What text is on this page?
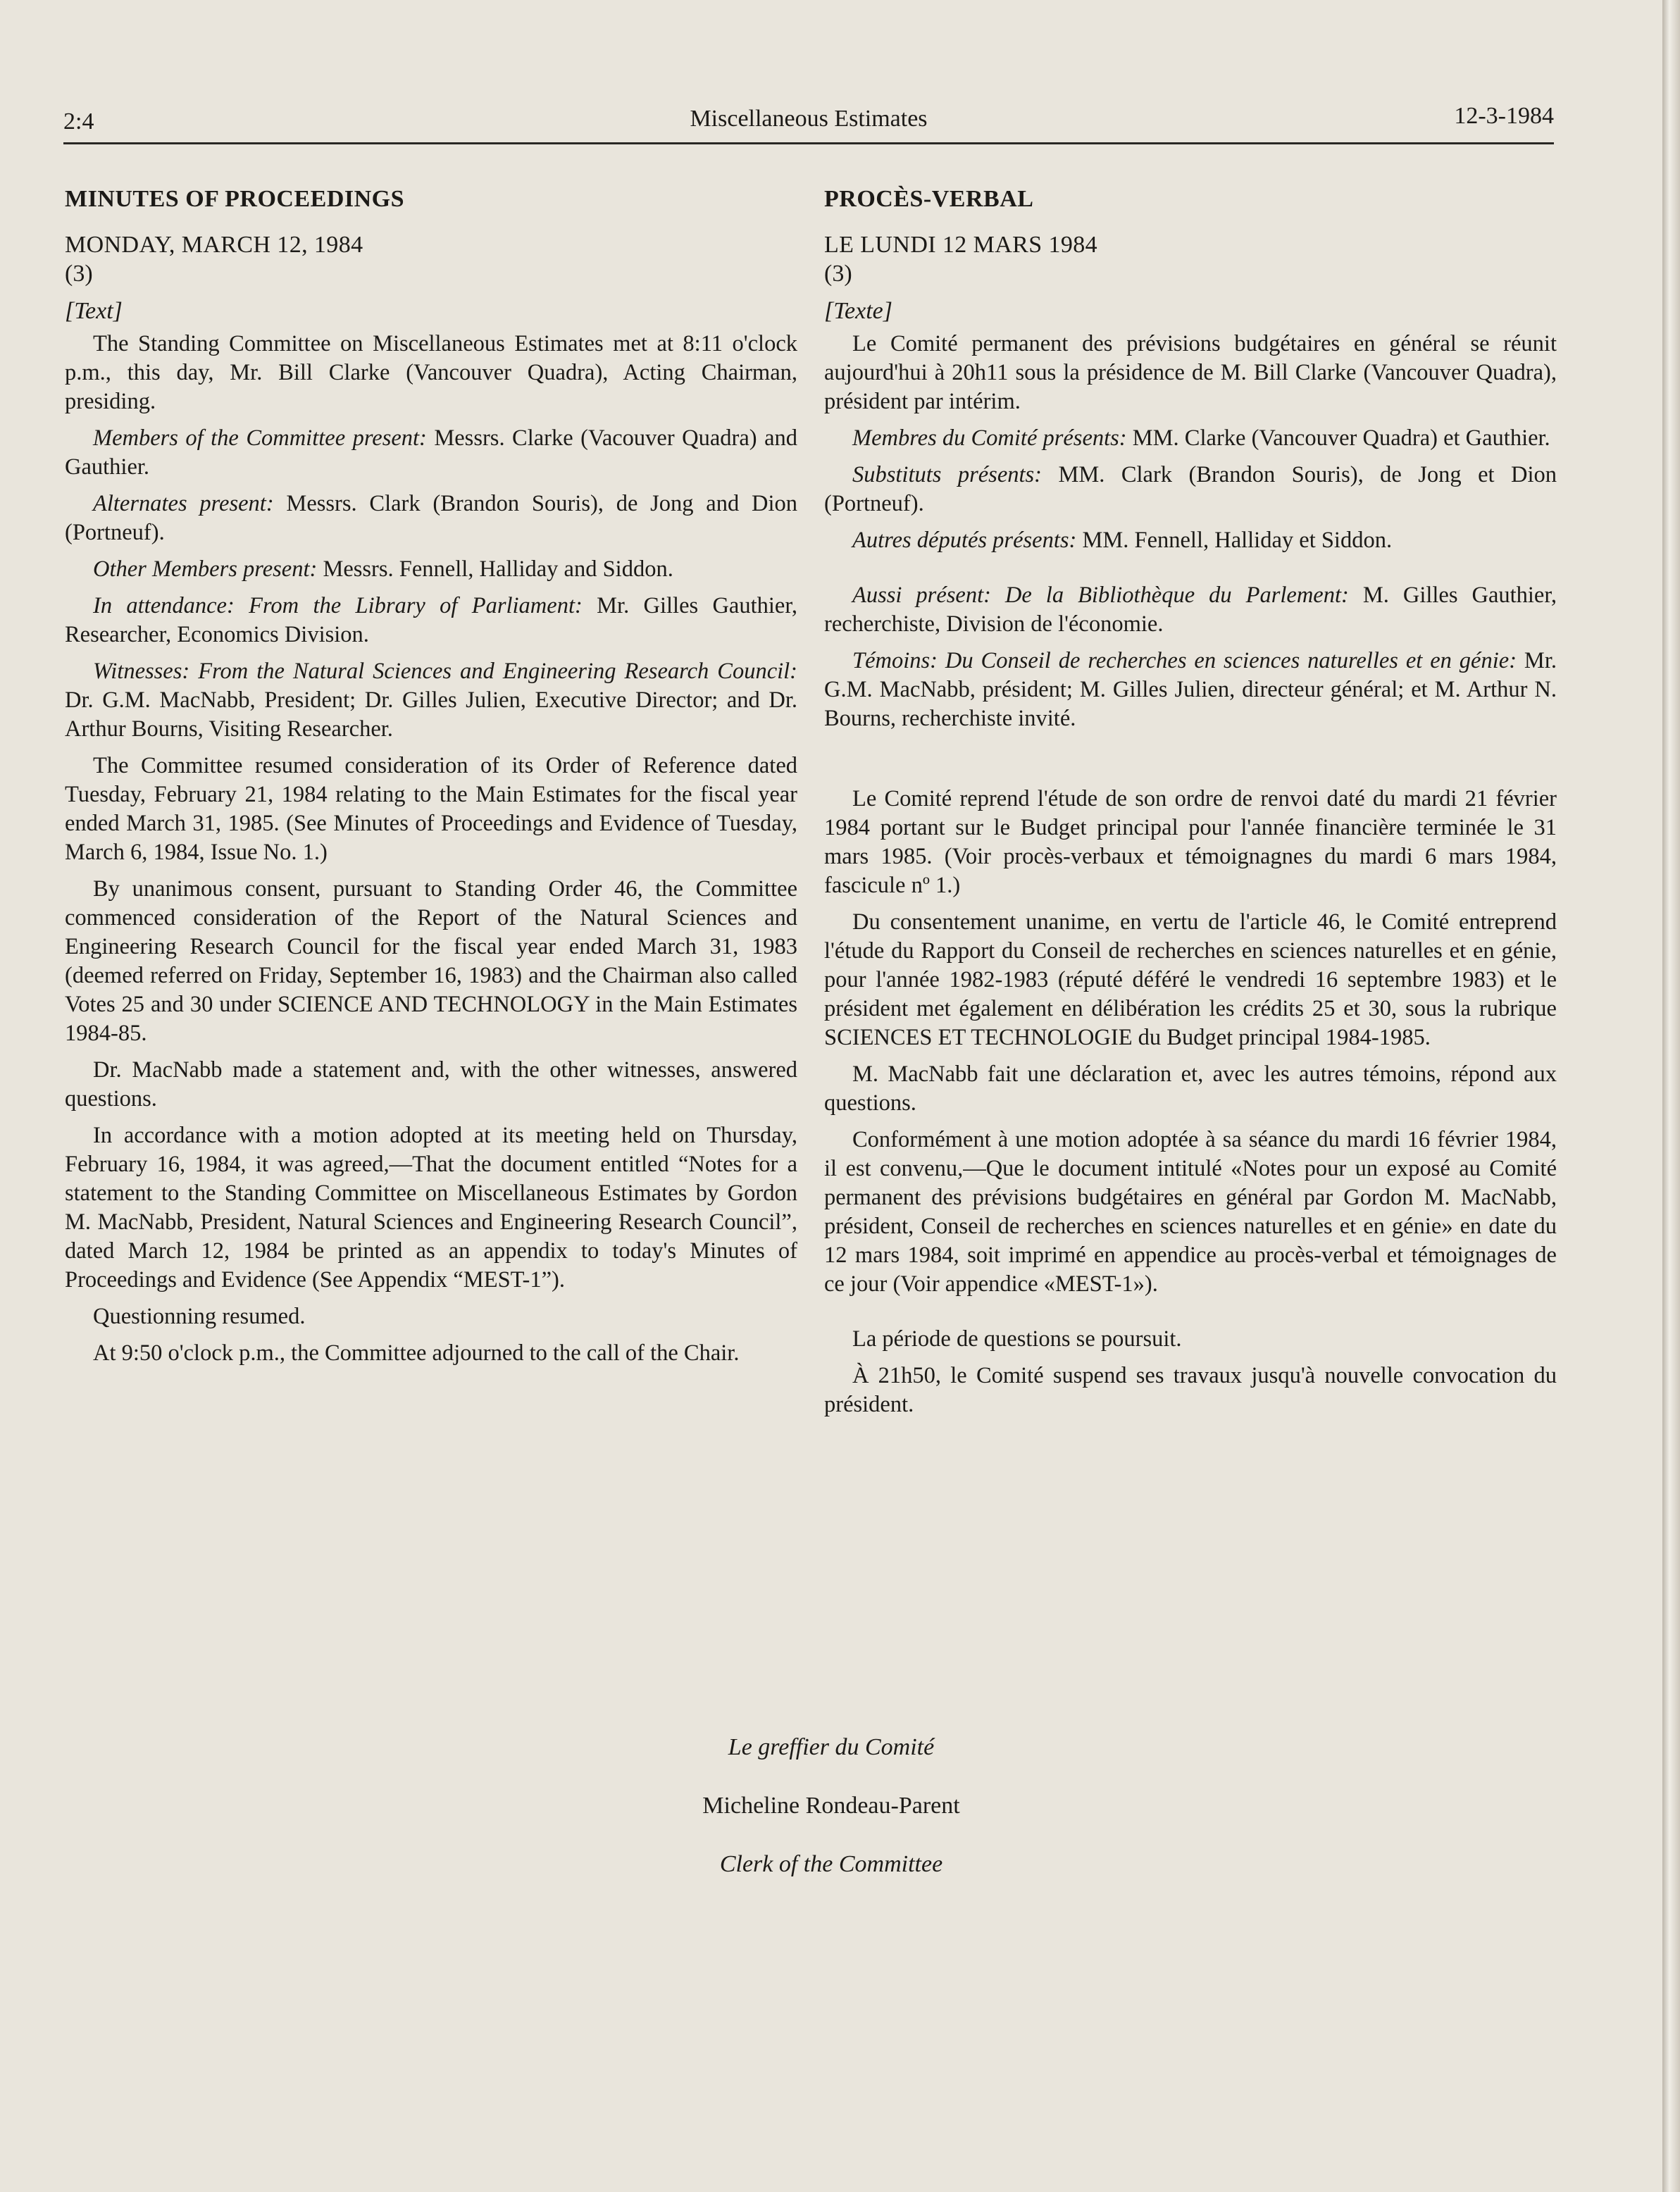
2:4	Miscellaneous Estimates	12-3-1984
MINUTES OF PROCEEDINGS

MONDAY, MARCH 12, 1984

(3)

[Text]

The Standing Committee on Miscellaneous Estimates met at 8:11 o'clock p.m., this day, Mr. Bill Clarke (Vancouver Quadra), Acting Chairman, presiding.

Members of the Committee present: Messrs. Clarke (Vacouver Quadra) and Gauthier.

Alternates present: Messrs. Clark (Brandon Souris), de Jong and Dion (Portneuf).

Other Members present: Messrs. Fennell, Halliday and Siddon.

In attendance: From the Library of Parliament: Mr. Gilles Gauthier, Researcher, Economics Division.

Witnesses: From the Natural Sciences and Engineering Research Council: Dr. G.M. MacNabb, President; Dr. Gilles Julien, Executive Director; and Dr. Arthur Bourns, Visiting Researcher.

The Committee resumed consideration of its Order of Reference dated Tuesday, February 21, 1984 relating to the Main Estimates for the fiscal year ended March 31, 1985. (See Minutes of Proceedings and Evidence of Tuesday, March 6, 1984, Issue No. 1.)

By unanimous consent, pursuant to Standing Order 46, the Committee commenced consideration of the Report of the Natural Sciences and Engineering Research Council for the fiscal year ended March 31, 1983 (deemed referred on Friday, September 16, 1983) and the Chairman also called Votes 25 and 30 under SCIENCE AND TECHNOLOGY in the Main Estimates 1984-85.

Dr. MacNabb made a statement and, with the other witnesses, answered questions.

In accordance with a motion adopted at its meeting held on Thursday, February 16, 1984, it was agreed,—That the document entitled “Notes for a statement to the Standing Committee on Miscellaneous Estimates by Gordon M. MacNabb, President, Natural Sciences and Engineering Research Council”, dated March 12, 1984 be printed as an appendix to today's Minutes of Proceedings and Evidence (See Appendix “MEST-1”).

Questionning resumed.

At 9:50 o'clock p.m., the Committee adjourned to the call of the Chair.

PROCÈS-VERBAL

LE LUNDI 12 MARS 1984

(3)

[Texte]

Le Comité permanent des prévisions budgétaires en général se réunit aujourd'hui à 20h11 sous la présidence de M. Bill Clarke (Vancouver Quadra), président par intérim.

Membres du Comité présents: MM. Clarke (Vancouver Quadra) et Gauthier.

Substituts présents: MM. Clark (Brandon Souris), de Jong et Dion (Portneuf).

Autres députés présents: MM. Fennell, Halliday et Siddon.

Aussi présent: De la Bibliothèque du Parlement: M. Gilles Gauthier, recherchiste, Division de l'économie.

Témoins: Du Conseil de recherches en sciences naturelles et en génie: Mr. G.M. MacNabb, président; M. Gilles Julien, directeur général; et M. Arthur N. Bourns, recherchiste invité.

Le Comité reprend l'étude de son ordre de renvoi daté du mardi 21 février 1984 portant sur le Budget principal pour l'année financière terminée le 31 mars 1985. (Voir procès-verbaux et témoignagnes du mardi 6 mars 1984, fascicule nº 1.)

Du consentement unanime, en vertu de l'article 46, le Comité entreprend l'étude du Rapport du Conseil de recherches en sciences naturelles et en génie, pour l'année 1982-1983 (réputé déféré le vendredi 16 septembre 1983) et le président met également en délibération les crédits 25 et 30, sous la rubrique SCIENCES ET TECHNOLOGIE du Budget principal 1984-1985.

M. MacNabb fait une déclaration et, avec les autres témoins, répond aux questions.

Conformément à une motion adoptée à sa séance du mardi 16 février 1984, il est convenu,—Que le document intitulé «Notes pour un exposé au Comité permanent des prévisions budgétaires en général par Gordon M. MacNabb, président, Conseil de recherches en sciences naturelles et en génie» en date du 12 mars 1984, soit imprimé en appendice au procès-verbal et témoignages de ce jour (Voir appendice «MEST-1»).

La période de questions se poursuit.

À 21h50, le Comité suspend ses travaux jusqu'à nouvelle convocation du président.

Le greffier du Comité
Micheline Rondeau-Parent
Clerk of the Committee
